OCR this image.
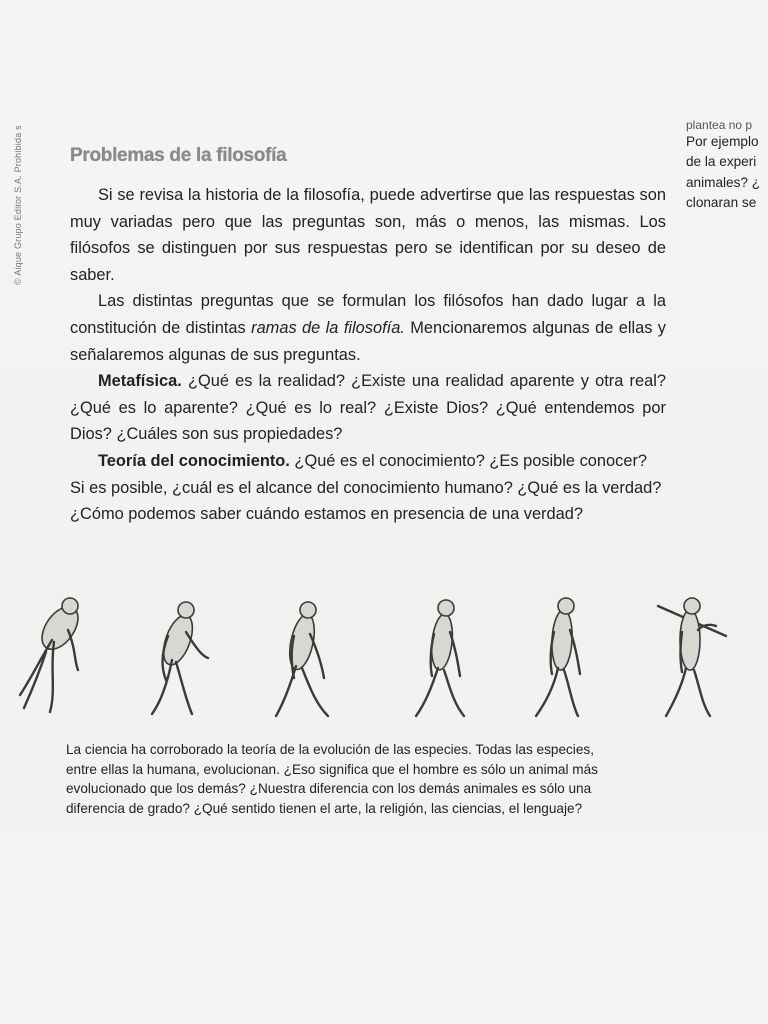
© Aique Grupo Editor S.A. Prohibida s Problemas de la filosofía
plantea no p
Por ejemplo
de la experi
animales? ¿
clonaran se

Si se revisa la historia de la filosofía, puede advertirse que las respuestas son muy variadas pero que las preguntas son, más o menos, las mismas. Los filósofos se distinguen por sus respuestas pero se identifican por su deseo de saber.

Las distintas preguntas que se formulan los filósofos han dado lugar a la constitución de distintas ramas de la filosofía. Mencionaremos algunas de ellas y señalaremos algunas de sus preguntas.

Metafísica. ¿Qué es la realidad? ¿Existe una realidad aparente y otra real? ¿Qué es lo aparente? ¿Qué es lo real? ¿Existe Dios? ¿Qué entendemos por Dios? ¿Cuáles son sus propiedades?

Teoría del conocimiento. ¿Qué es el conocimiento? ¿Es posible conocer? Si es posible, ¿cuál es el alcance del conocimiento humano? ¿Qué es la verdad? ¿Cómo podemos saber cuándo estamos en presencia de una verdad?

La ciencia ha corroborado la teoría de la evolución de las especies. Todas las especies,
entre ellas la humana, evolucionan. ¿Eso significa que el hombre es sólo un animal más
evolucionado que los demás? ¿Nuestra diferencia con los demás animales es sólo una
diferencia de grado? ¿Qué sentido tienen el arte, la religión, las ciencias, el lenguaje?
